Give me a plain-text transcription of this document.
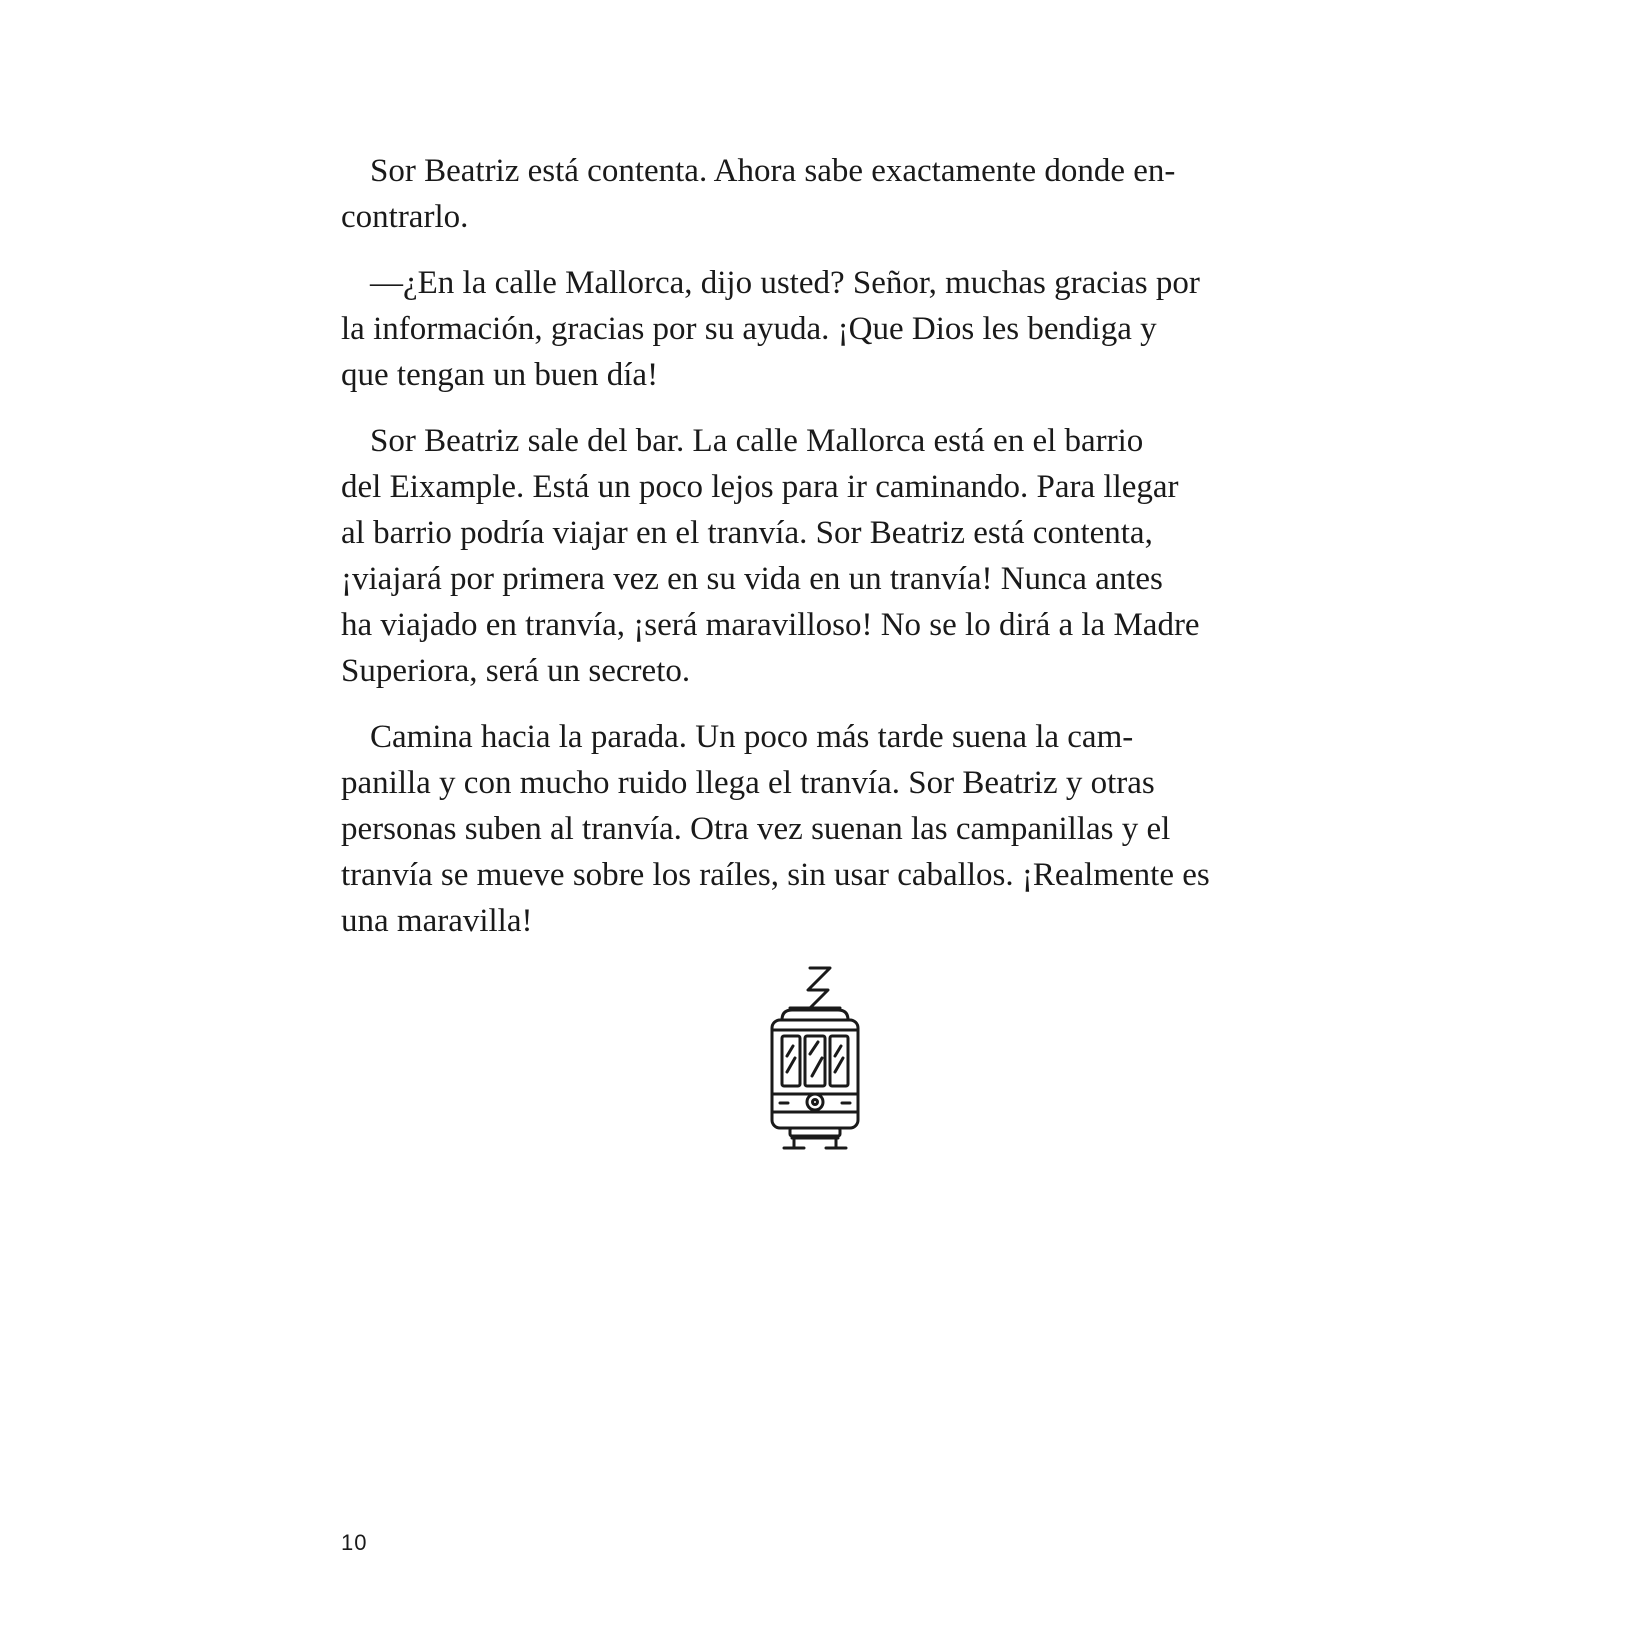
Sor Beatriz está contenta. Ahora sabe exactamente donde en-
contrarlo.

—¿En la calle Mallorca, dijo usted? Señor, muchas gracias por
la información, gracias por su ayuda. ¡Que Dios les bendiga y
que tengan un buen día!

Sor Beatriz sale del bar. La calle Mallorca está en el barrio
del Eixample. Está un poco lejos para ir caminando. Para llegar
al barrio podría viajar en el tranvía. Sor Beatriz está contenta,
¡viajará por primera vez en su vida en un tranvía! Nunca antes
ha viajado en tranvía, ¡será maravilloso! No se lo dirá a la Madre
Superiora, será un secreto.

Camina hacia la parada. Un poco más tarde suena la cam-
panilla y con mucho ruido llega el tranvía. Sor Beatriz y otras
personas suben al tranvía. Otra vez suenan las campanillas y el
tranvía se mueve sobre los raíles, sin usar caballos. ¡Realmente es
una maravilla!

10
